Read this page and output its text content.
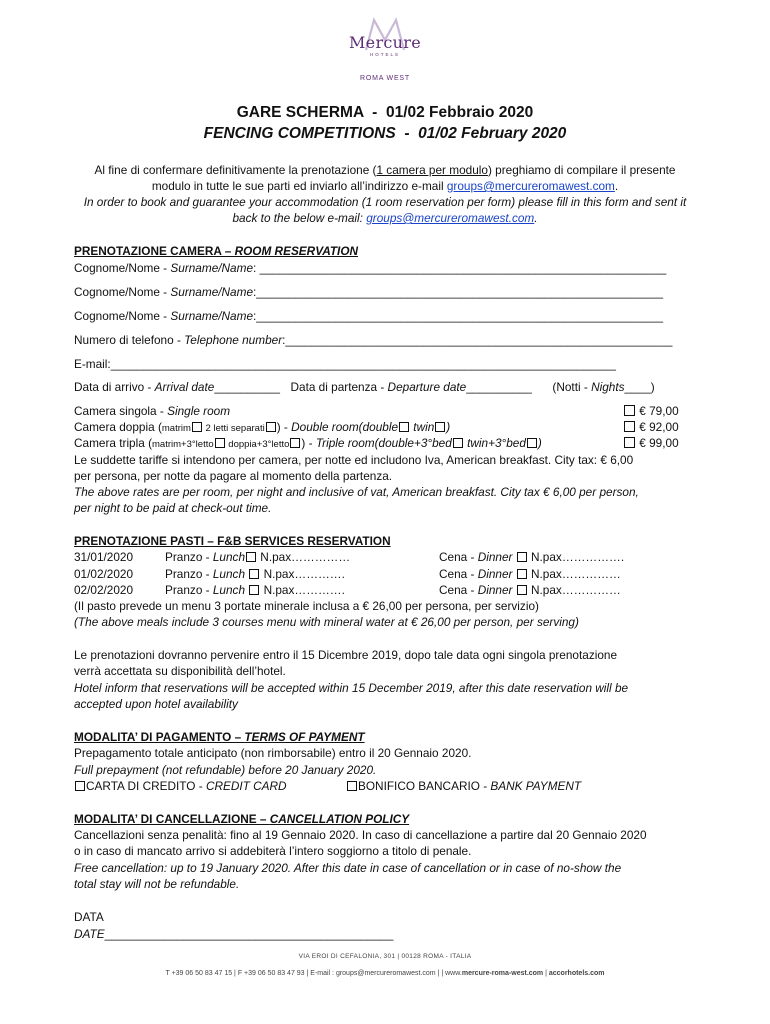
Mercure
HOTELS
ROMA WEST
GARE SCHERMA  -  01/02 Febbraio 2020
FENCING COMPETITIONS  -  01/02 February 2020
Al fine di confermare definitivamente la prenotazione (1 camera per modulo) preghiamo di compilare il presente modulo in tutte le sue parti ed inviarlo all’indirizzo e-mail groups@mercureromawest.com.
In order to book and guarantee your accommodation (1 room reservation per form) please fill in this form and sent it back to the below e-mail: groups@mercureromawest.com.
PRENOTAZIONE CAMERA – ROOM RESERVATION
Cognome/Nome - Surname/Name: ______________________________________________________________
Cognome/Nome - Surname/Name:______________________________________________________________
Cognome/Nome - Surname/Name:______________________________________________________________
Numero di telefono - Telephone number:___________________________________________________________
E-mail:_____________________________________________________________________________
Data di arrivo - Arrival date__________ Data di partenza - Departure date__________ (Notti - Nights____)
Camera singola - Single room	€ 79,00
Camera doppia (matrim 2 letti separati ) - Double room(double twin )	€ 92,00
Camera tripla (matrim+3°letto doppia+3°letto ) - Triple room(double+3°bed twin+3°bed )	€ 99,00
Le suddette tariffe si intendono per camera, per notte ed includono Iva, American breakfast. City tax: € 6,00
per persona, per notte da pagare al momento della partenza.
The above rates are per room, per night and inclusive of vat, American breakfast. City tax € 6,00 per person,
per night to be paid at check-out time.
PRENOTAZIONE PASTI – F&B SERVICES RESERVATION
31/01/2020	Pranzo - Lunch N.pax……………	Cena - Dinner  N.pax…………….
01/02/2020	Pranzo - Lunch  N.pax………….	Cena - Dinner  N.pax……………
02/02/2020	Pranzo - Lunch  N.pax………….	Cena - Dinner  N.pax……………
(Il pasto prevede un menu 3 portate minerale inclusa a € 26,00 per persona, per servizio)
(The above meals include 3 courses menu with mineral water at € 26,00 per person, per serving)
Le prenotazioni dovranno pervenire entro il 15 Dicembre 2019, dopo tale data ogni singola prenotazione
verrà accettata su disponibilità dell’hotel.
Hotel inform that reservations will be accepted within 15 December 2019, after this date reservation will be
accepted upon hotel availability
MODALITA’ DI PAGAMENTO – TERMS OF PAYMENT
Prepagamento totale anticipato (non rimborsabile) entro il 20 Gennaio 2020.
Full prepayment (not refundable) before 20 January 2020.
CARTA DI CREDITO - CREDIT CARD	BONIFICO BANCARIO - BANK PAYMENT
MODALITA’ DI CANCELLAZIONE – CANCELLATION POLICY
Cancellazioni senza penalità: fino al 19 Gennaio 2020. In caso di cancellazione a partire dal 20 Gennaio 2020
o in caso di mancato arrivo si addebiterà l’intero soggiorno a titolo di penale.
Free cancellation: up to 19 January 2020. After this date in case of cancellation or in case of no-show the
total stay will not be refundable.
DATA
DATE____________________________________________
VIA EROI DI CEFALONIA, 301 | 00128 ROMA - ITALIA
T +39 06 50 83 47 15 | F +39 06 50 83 47 93 | E-mail : groups@mercureromawest.com | | www.mercure-roma-west.com | accorhotels.com
